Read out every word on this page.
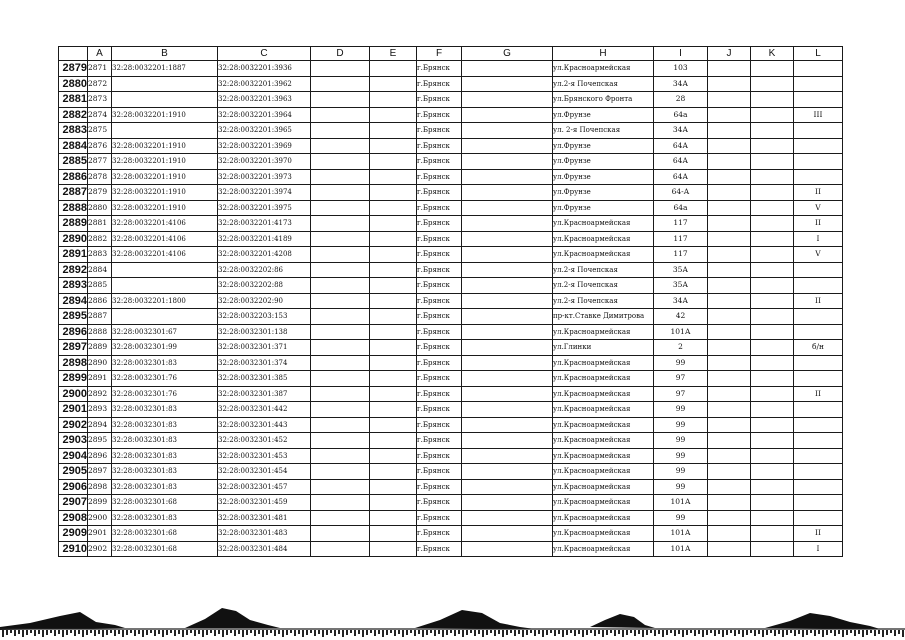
	A	B	C	D	E	F	G	H	I	J	K	L
2879	2871	32:28:0032201:1887	32:28:0032201:3936			г.Брянск		ул.Красноармейская	103			
2880	2872		32:28:0032201:3962			г.Брянск		ул.2-я Почепская	34А			
2881	2873		32:28:0032201:3963			г.Брянск		ул.Брянского Фронта	28			
2882	2874	32:28:0032201:1910	32:28:0032201:3964			г.Брянск		ул.Фрунзе	64а			III
2883	2875		32:28:0032201:3965			г.Брянск		ул. 2-я Почепская	34А			
2884	2876	32:28:0032201:1910	32:28:0032201:3969			г.Брянск		ул.Фрунзе	64А			
2885	2877	32:28:0032201:1910	32:28:0032201:3970			г.Брянск		ул.Фрунзе	64А			
2886	2878	32:28:0032201:1910	32:28:0032201:3973			г.Брянск		ул.Фрунзе	64А			
2887	2879	32:28:0032201:1910	32:28:0032201:3974			г.Брянск		ул.Фрунзе	64-А			II
2888	2880	32:28:0032201:1910	32:28:0032201:3975			г.Брянск		ул.Фрунзе	64а			V
2889	2881	32:28:0032201:4106	32:28:0032201:4173			г.Брянск		ул.Красноармейская	117			II
2890	2882	32:28:0032201:4106	32:28:0032201:4189			г.Брянск		ул.Красноармейская	117			I
2891	2883	32:28:0032201:4106	32:28:0032201:4208			г.Брянск		ул.Красноармейская	117			V
2892	2884		32:28:0032202:86			г.Брянск		ул.2-я Почепская	35А			
2893	2885		32:28:0032202:88			г.Брянск		ул.2-я Почепская	35А			
2894	2886	32:28:0032201:1800	32:28:0032202:90			г.Брянск		ул.2-я Почепская	34А			II
2895	2887		32:28:0032203:153			г.Брянск		пр-кт.Ставке Димитрова	42			
2896	2888	32:28:0032301:67	32:28:0032301:138			г.Брянск		ул.Красноармейская	101А			
2897	2889	32:28:0032301:99	32:28:0032301:371			г.Брянск		ул.Глинки	2			б/н
2898	2890	32:28:0032301:83	32:28:0032301:374			г.Брянск		ул.Красноармейская	99			
2899	2891	32:28:0032301:76	32:28:0032301:385			г.Брянск		ул.Красноармейская	97			
2900	2892	32:28:0032301:76	32:28:0032301:387			г.Брянск		ул.Красноармейская	97			II
2901	2893	32:28:0032301:83	32:28:0032301:442			г.Брянск		ул.Красноармейская	99			
2902	2894	32:28:0032301:83	32:28:0032301:443			г.Брянск		ул.Красноармейская	99			
2903	2895	32:28:0032301:83	32:28:0032301:452			г.Брянск		ул.Красноармейская	99			
2904	2896	32:28:0032301:83	32:28:0032301:453			г.Брянск		ул.Красноармейская	99			
2905	2897	32:28:0032301:83	32:28:0032301:454			г.Брянск		ул.Красноармейская	99			
2906	2898	32:28:0032301:83	32:28:0032301:457			г.Брянск		ул.Красноармейская	99			
2907	2899	32:28:0032301:68	32:28:0032301:459			г.Брянск		ул.Красноармейская	101А			
2908	2900	32:28:0032301:83	32:28:0032301:481			г.Брянск		ул.Красноармейская	99			
2909	2901	32:28:0032301:68	32:28:0032301:483			г.Брянск		ул.Красноармейская	101А			II
2910	2902	32:28:0032301:68	32:28:0032301:484			г.Брянск		ул.Красноармейская	101А			I
